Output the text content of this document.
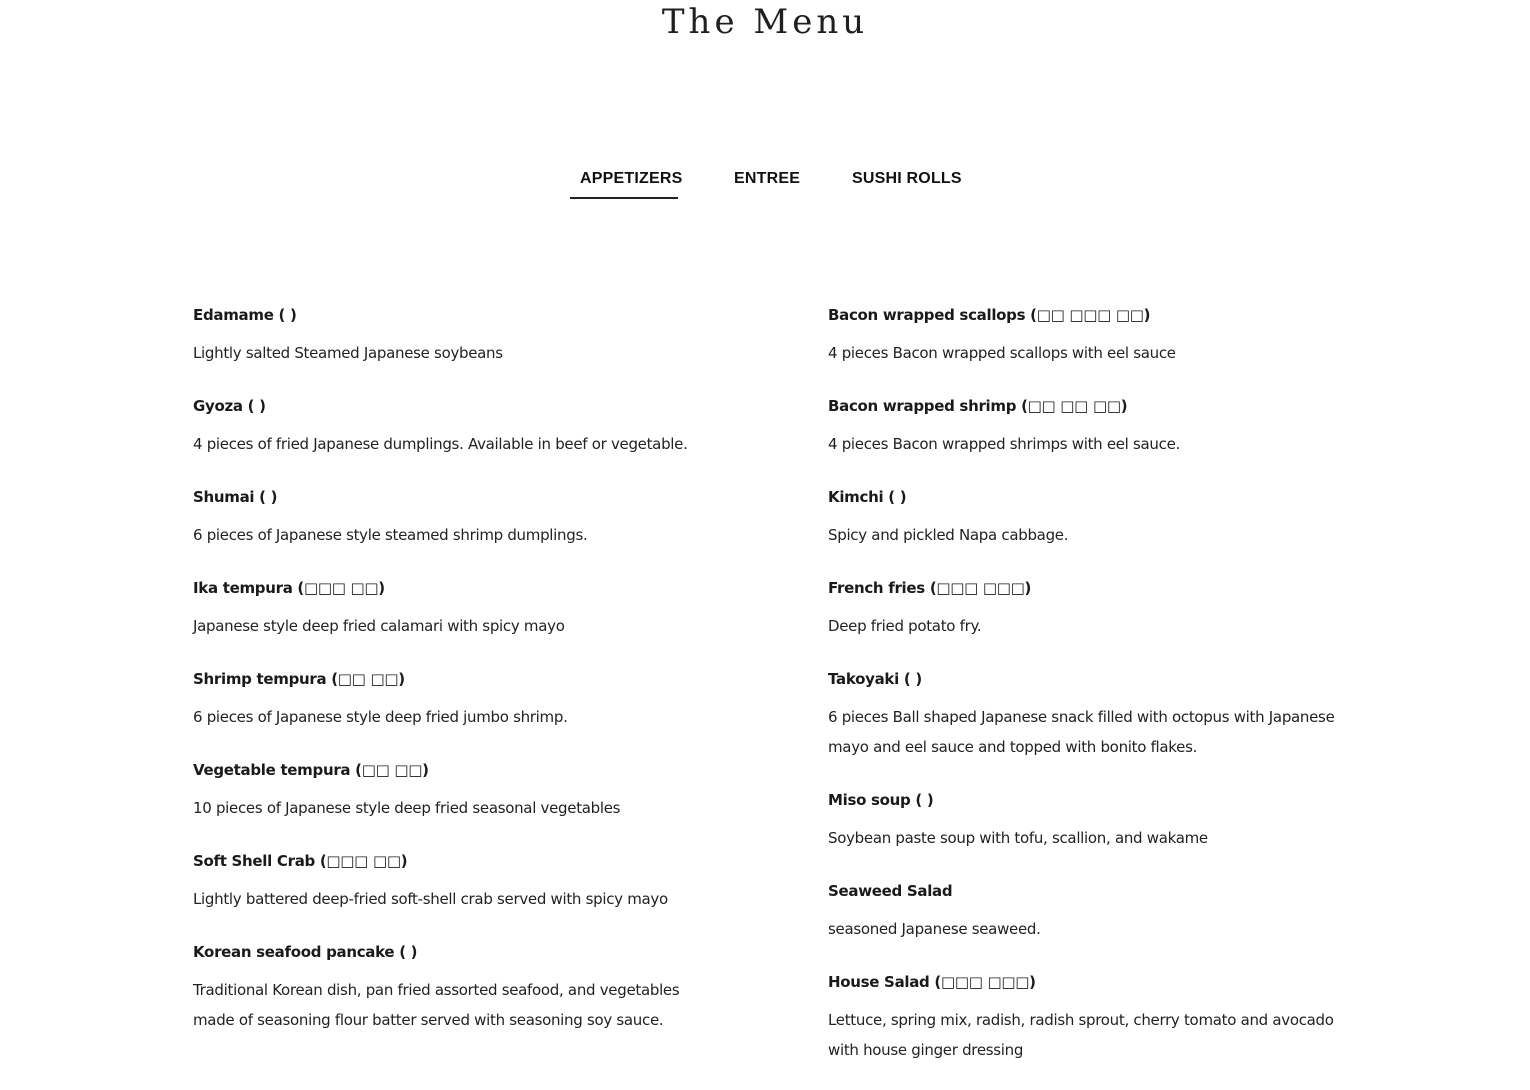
The Menu
APPETIZERS	ENTREE	SUSHI ROLLS

Edamame ( )

Lightly salted Steamed Japanese soybeans

Gyoza ( )

4 pieces of fried Japanese dumplings. Available in beef or vegetable.

Shumai ( )

6 pieces of Japanese style steamed shrimp dumplings.

Ika tempura (□□□ □□)

Japanese style deep fried calamari with spicy mayo

Shrimp tempura (□□ □□)

6 pieces of Japanese style deep fried jumbo shrimp.

Vegetable tempura (□□ □□)

10 pieces of Japanese style deep fried seasonal vegetables

Soft Shell Crab (□□□ □□)

Lightly battered deep-fried soft-shell crab served with spicy mayo

Korean seafood pancake ( )

Traditional Korean dish, pan fried assorted seafood, and vegetables made of seasoning flour batter served with seasoning soy sauce.

Bacon wrapped scallops (□□ □□□ □□)

4 pieces Bacon wrapped scallops with eel sauce

Bacon wrapped shrimp (□□ □□ □□)

4 pieces Bacon wrapped shrimps with eel sauce.

Kimchi ( )

Spicy and pickled Napa cabbage.

French fries (□□□ □□□)

Deep fried potato fry.

Takoyaki ( )

6 pieces Ball shaped Japanese snack filled with octopus with Japanese mayo and eel sauce and topped with bonito flakes.

Miso soup ( )

Soybean paste soup with tofu, scallion, and wakame

Seaweed Salad

seasoned Japanese seaweed.

House Salad (□□□ □□□)

Lettuce, spring mix, radish, radish sprout, cherry tomato and avocado with house ginger dressing
